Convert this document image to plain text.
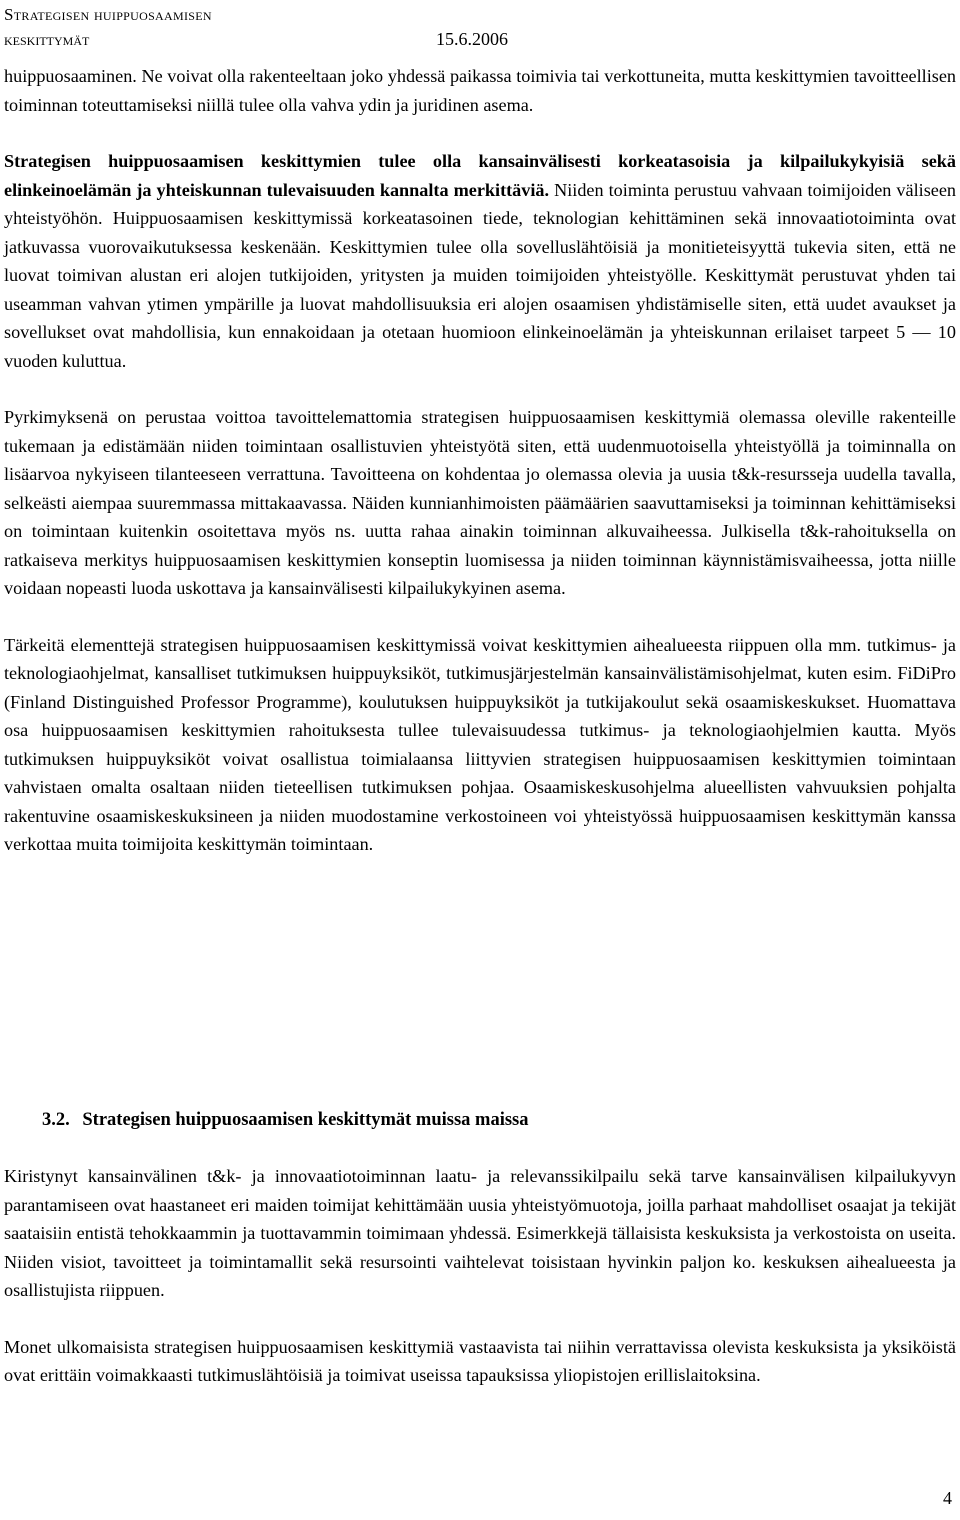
Strategisen huippuosaamisen
keskittymät	15.6.2006

huippuosaaminen. Ne voivat olla rakenteeltaan joko yhdessä paikassa toimivia tai verkottuneita, mutta keskittymien tavoitteellisen toiminnan toteuttamiseksi niillä tulee olla vahva ydin ja juridinen asema.

Strategisen huippuosaamisen keskittymien tulee olla kansainvälisesti korkeatasoisia ja kilpailukykyisiä sekä elinkeinoelämän ja yhteiskunnan tulevaisuuden kannalta merkittäviä. Niiden toiminta perustuu vahvaan toimijoiden väliseen yhteistyöhön. Huippuosaamisen keskittymissä korkeatasoinen tiede, teknologian kehittäminen sekä innovaatiotoiminta ovat jatkuvassa vuorovaikutuksessa keskenään. Keskittymien tulee olla sovelluslähtöisiä ja monitieteisyyttä tukevia siten, että ne luovat toimivan alustan eri alojen tutkijoiden, yritysten ja muiden toimijoiden yhteistyölle. Keskittymät perustuvat yhden tai useamman vahvan ytimen ympärille ja luovat mahdollisuuksia eri alojen osaamisen yhdistämiselle siten, että uudet avaukset ja sovellukset ovat mahdollisia, kun ennakoidaan ja otetaan huomioon elinkeinoelämän ja yhteiskunnan erilaiset tarpeet 5 — 10 vuoden kuluttua.

Pyrkimyksenä on perustaa voittoa tavoittelemattomia strategisen huippuosaamisen keskittymiä olemassa oleville rakenteille tukemaan ja edistämään niiden toimintaan osallistuvien yhteistyötä siten, että uudenmuotoisella yhteistyöllä ja toiminnalla on lisäarvoa nykyiseen tilanteeseen verrattuna. Tavoitteena on kohdentaa jo olemassa olevia ja uusia t&k-resursseja uudella tavalla, selkeästi aiempaa suuremmassa mittakaavassa. Näiden kunnianhimoisten päämäärien saavuttamiseksi ja toiminnan kehittämiseksi on toimintaan kuitenkin osoitettava myös ns. uutta rahaa ainakin toiminnan alkuvaiheessa. Julkisella t&k-rahoituksella on ratkaiseva merkitys huippuosaamisen keskittymien konseptin luomisessa ja niiden toiminnan käynnistämisvaiheessa, jotta niille voidaan nopeasti luoda uskottava ja kansainvälisesti kilpailukykyinen asema.

Tärkeitä elementtejä strategisen huippuosaamisen keskittymissä voivat keskittymien aihealueesta riippuen olla mm. tutkimus- ja teknologiaohjelmat, kansalliset tutkimuksen huippuyksiköt, tutkimusjärjestelmän kansainvälistämisohjelmat, kuten esim. FiDiPro (Finland Distinguished Professor Programme), koulutuksen huippuyksiköt ja tutkijakoulut sekä osaamiskeskukset. Huomattava osa huippuosaamisen keskittymien rahoituksesta tullee tulevaisuudessa tutkimus- ja teknologiaohjelmien kautta. Myös tutkimuksen huippuyksiköt voivat osallistua toimialaansa liittyvien strategisen huippuosaamisen keskittymien toimintaan vahvistaen omalta osaltaan niiden tieteellisen tutkimuksen pohjaa. Osaamiskeskusohjelma alueellisten vahvuuksien pohjalta rakentuvine osaamiskeskuksineen ja niiden muodostamine verkostoineen voi yhteistyössä huippuosaamisen keskittymän kanssa verkottaa muita toimijoita keskittymän toimintaan.

3.2. Strategisen huippuosaamisen keskittymät muissa maissa

Kiristynyt kansainvälinen t&k- ja innovaatiotoiminnan laatu- ja relevanssikilpailu sekä tarve kansainvälisen kilpailukyvyn parantamiseen ovat haastaneet eri maiden toimijat kehittämään uusia yhteistyömuotoja, joilla parhaat mahdolliset osaajat ja tekijät saataisiin entistä tehokkaammin ja tuottavammin toimimaan yhdessä. Esimerkkejä tällaisista keskuksista ja verkostoista on useita. Niiden visiot, tavoitteet ja toimintamallit sekä resursointi vaihtelevat toisistaan hyvinkin paljon ko. keskuksen aihealueesta ja osallistujista riippuen.

Monet ulkomaisista strategisen huippuosaamisen keskittymiä vastaavista tai niihin verrattavissa olevista keskuksista ja yksiköistä ovat erittäin voimakkaasti tutkimuslähtöisiä ja toimivat useissa tapauksissa yliopistojen erillislaitoksina.

4
